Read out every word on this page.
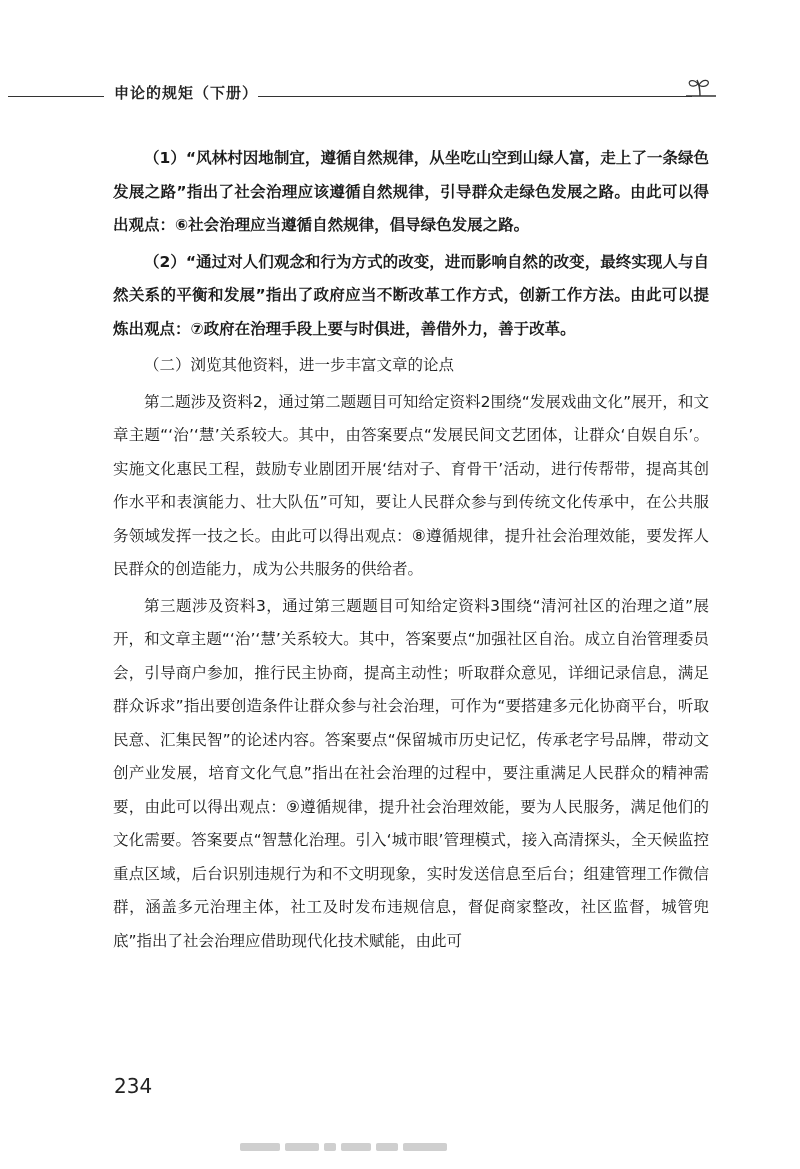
申论的规矩（下册）

（1）“风林村因地制宜，遵循自然规律，从坐吃山空到山绿人富，走上了一条绿色发展之路”指出了社会治理应该遵循自然规律，引导群众走绿色发展之路。由此可以得出观点：⑥社会治理应当遵循自然规律，倡导绿色发展之路。

（2）“通过对人们观念和行为方式的改变，进而影响自然的改变，最终实现人与自然关系的平衡和发展”指出了政府应当不断改革工作方式，创新工作方法。由此可以提炼出观点：⑦政府在治理手段上要与时俱进，善借外力，善于改革。

（二）浏览其他资料，进一步丰富文章的论点

第二题涉及资料2，通过第二题题目可知给定资料2围绕“发展戏曲文化”展开，和文章主题“‘治’‘慧’关系较大。其中，由答案要点“发展民间文艺团体，让群众‘自娱自乐’。实施文化惠民工程，鼓励专业剧团开展‘结对子、育骨干’活动，进行传帮带，提高其创作水平和表演能力、壮大队伍”可知，要让人民群众参与到传统文化传承中，在公共服务领域发挥一技之长。由此可以得出观点：⑧遵循规律，提升社会治理效能，要发挥人民群众的创造能力，成为公共服务的供给者。

第三题涉及资料3，通过第三题题目可知给定资料3围绕“清河社区的治理之道”展开，和文章主题“‘治’‘慧’关系较大。其中，答案要点“加强社区自治。成立自治管理委员会，引导商户参加，推行民主协商，提高主动性；听取群众意见，详细记录信息，满足群众诉求”指出要创造条件让群众参与社会治理，可作为“要搭建多元化协商平台，听取民意、汇集民智”的论述内容。答案要点“保留城市历史记忆，传承老字号品牌，带动文创产业发展，培育文化气息”指出在社会治理的过程中，要注重满足人民群众的精神需要，由此可以得出观点：⑨遵循规律，提升社会治理效能，要为人民服务，满足他们的文化需要。答案要点“智慧化治理。引入‘城市眼’管理模式，接入高清探头，全天候监控重点区域，后台识别违规行为和不文明现象，实时发送信息至后台；组建管理工作微信群，涵盖多元治理主体，社工及时发布违规信息，督促商家整改，社区监督，城管兜底”指出了社会治理应借助现代化技术赋能，由此可

234
